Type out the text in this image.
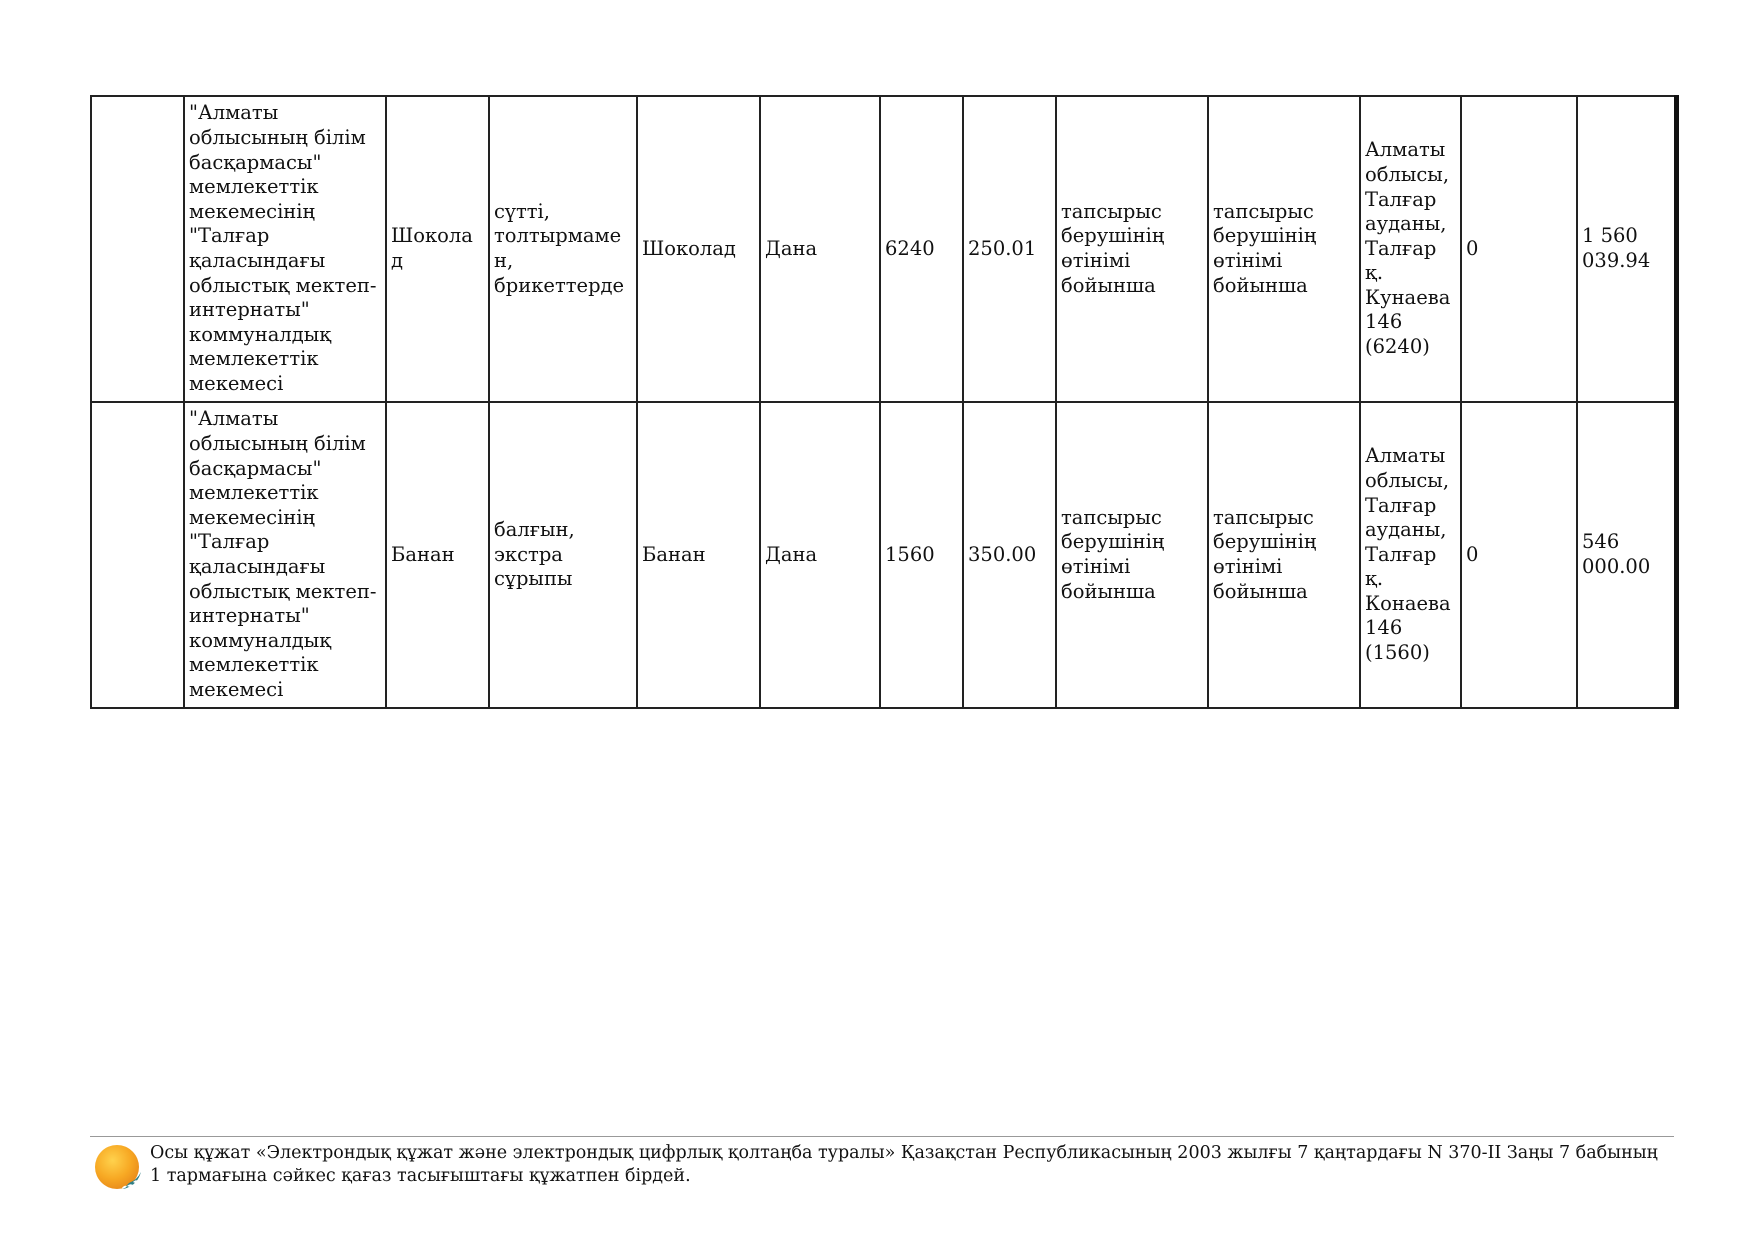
	"Алматы облысының білім басқармасы" мемлекеттік мекемесінің "Талғар қаласындағы облыстық мектеп-интернаты" коммуналдық мемлекеттік мекемесі	Шоколад	сүтті, толтырмамен, брикеттерде	Шоколад	Дана	6240	250.01	тапсырыс берушінің өтінімі бойынша	тапсырыс берушінің өтінімі бойынша	Алматы облысы, Талғар ауданы, Талғар қ. Кунаева 146 (6240)	0	1 560 039.94
	"Алматы облысының білім басқармасы" мемлекеттік мекемесінің "Талғар қаласындағы облыстық мектеп-интернаты" коммуналдық мемлекеттік мекемесі	Банан	балғын, экстра сұрыпы	Банан	Дана	1560	350.00	тапсырыс берушінің өтінімі бойынша	тапсырыс берушінің өтінімі бойынша	Алматы облысы, Талғар ауданы, Талғар қ. Конаева 146 (1560)	0	546 000.00
Осы құжат «Электрондық құжат және электрондық цифрлық қолтаңба туралы» Қазақстан Республикасының 2003 жылғы 7 қаңтардағы N 370-II Заңы 7 бабының 1 тармағына сәйкес қағаз тасығыштағы құжатпен бірдей.
